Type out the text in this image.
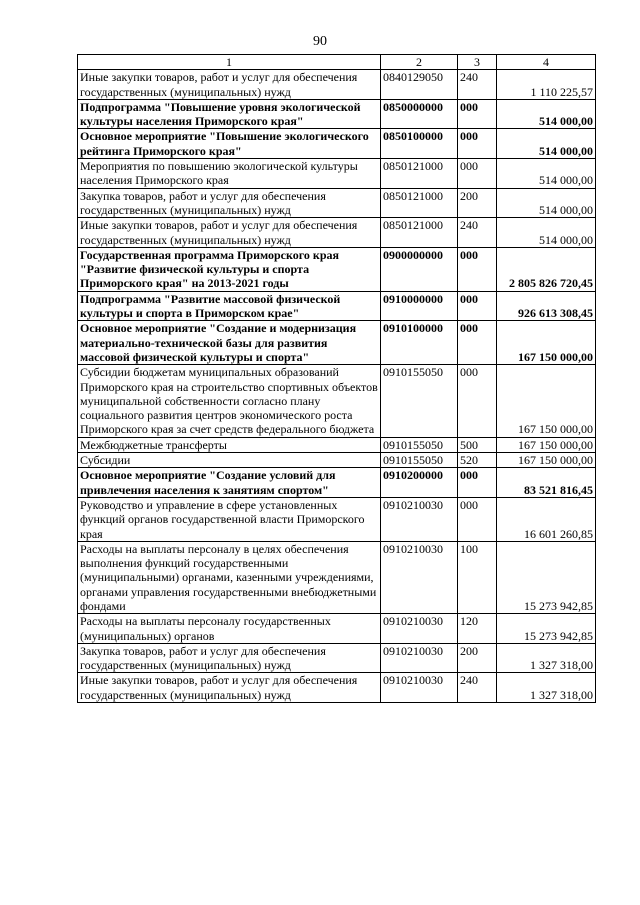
90
1	2	3	4
Иные закупки товаров, работ и услуг для обеспечения государственных (муниципальных) нужд	0840129050	240	1 110 225,57
Подпрограмма "Повышение уровня экологической культуры населения Приморского края"	0850000000	000	514 000,00
Основное мероприятие "Повышение экологического рейтинга Приморского края"	0850100000	000	514 000,00
Мероприятия по повышению экологической культуры населения Приморского края	0850121000	000	514 000,00
Закупка товаров, работ и услуг для обеспечения государственных (муниципальных) нужд	0850121000	200	514 000,00
Иные закупки товаров, работ и услуг для обеспечения государственных (муниципальных) нужд	0850121000	240	514 000,00
Государственная программа Приморского края "Развитие физической культуры и спорта Приморского края" на 2013-2021 годы	0900000000	000	2 805 826 720,45
Подпрограмма "Развитие массовой физической культуры и спорта в Приморском крае"	0910000000	000	926 613 308,45
Основное мероприятие "Создание и модернизация материально-технической базы для развития массовой физической культуры и спорта"	0910100000	000	167 150 000,00
Субсидии бюджетам муниципальных образований Приморского края на строительство спортивных объектов муниципальной собственности согласно плану социального развития центров экономического роста Приморского края за счет средств федерального бюджета	0910155050	000	167 150 000,00
Межбюджетные трансферты	0910155050	500	167 150 000,00
Субсидии	0910155050	520	167 150 000,00
Основное мероприятие "Создание условий для привлечения населения к занятиям спортом"	0910200000	000	83 521 816,45
Руководство и управление в сфере установленных функций органов государственной власти Приморского края	0910210030	000	16 601 260,85
Расходы на выплаты персоналу в целях обеспечения выполнения функций государственными (муниципальными) органами, казенными учреждениями, органами управления государственными внебюджетными фондами	0910210030	100	15 273 942,85
Расходы на выплаты персоналу государственных (муниципальных) органов	0910210030	120	15 273 942,85
Закупка товаров, работ и услуг для обеспечения государственных (муниципальных) нужд	0910210030	200	1 327 318,00
Иные закупки товаров, работ и услуг для обеспечения государственных (муниципальных) нужд	0910210030	240	1 327 318,00
